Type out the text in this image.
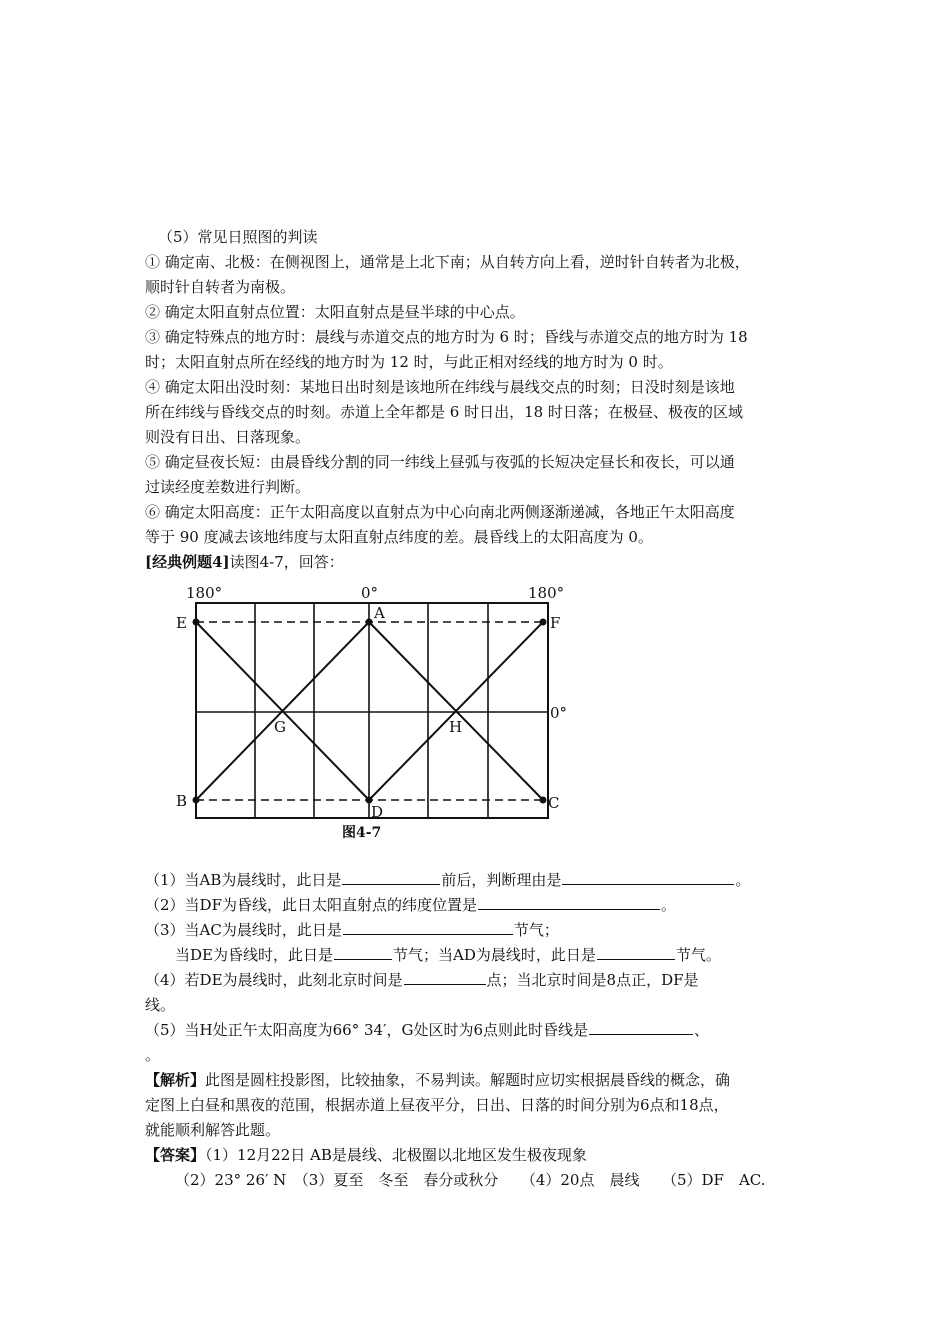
（5）常见日照图的判读
① 确定南、北极：在侧视图上，通常是上北下南；从自转方向上看，逆时针自转者为北极，
顺时针自转者为南极。
② 确定太阳直射点位置：太阳直射点是昼半球的中心点。
③ 确定特殊点的地方时：晨线与赤道交点的地方时为 6 时；昏线与赤道交点的地方时为 18
时；太阳直射点所在经线的地方时为 12 时，与此正相对经线的地方时为 0 时。
④ 确定太阳出没时刻：某地日出时刻是该地所在纬线与晨线交点的时刻；日没时刻是该地
所在纬线与昏线交点的时刻。赤道上全年都是 6 时日出，18 时日落；在极昼、极夜的区域
则没有日出、日落现象。
⑤ 确定昼夜长短：由晨昏线分割的同一纬线上昼弧与夜弧的长短决定昼长和夜长，可以通
过读经度差数进行判断。
⑥ 确定太阳高度：正午太阳高度以直射点为中心向南北两侧逐渐递减，各地正午太阳高度
等于 90 度减去该地纬度与太阳直射点纬度的差。晨昏线上的太阳高度为 0。
[经典例题4]读图4-7，回答：
180°	0°	180°
0°
E
A
F
B
D	C
G	H
图4-7
（1）当AB为晨线时，此日是	前后，判断理由是	。
（2）当DF为昏线，此日太阳直射点的纬度位置是	。
（3）当AC为晨线时，此日是	节气；
当DE为昏线时，此日是	节气；当AD为晨线时，此日是	节气。
（4）若DE为晨线时，此刻北京时间是	点；当北京时间是8点正，DF是
线。
（5）当H处正午太阳高度为66° 34′，G处区时为6点则此时昏线是	、
。
【解析】此图是圆柱投影图，比较抽象，不易判读。解题时应切实根据晨昏线的概念，确
定图上白昼和黑夜的范围，根据赤道上昼夜平分，日出、日落的时间分别为6点和18点，
就能顺利解答此题。
【答案】（1）12月22日 AB是晨线、北极圈以北地区发生极夜现象
（2）23° 26′ N　（3）夏至　冬至　春分或秋分　　（4）20点　晨线　　（5）DF　AC.
